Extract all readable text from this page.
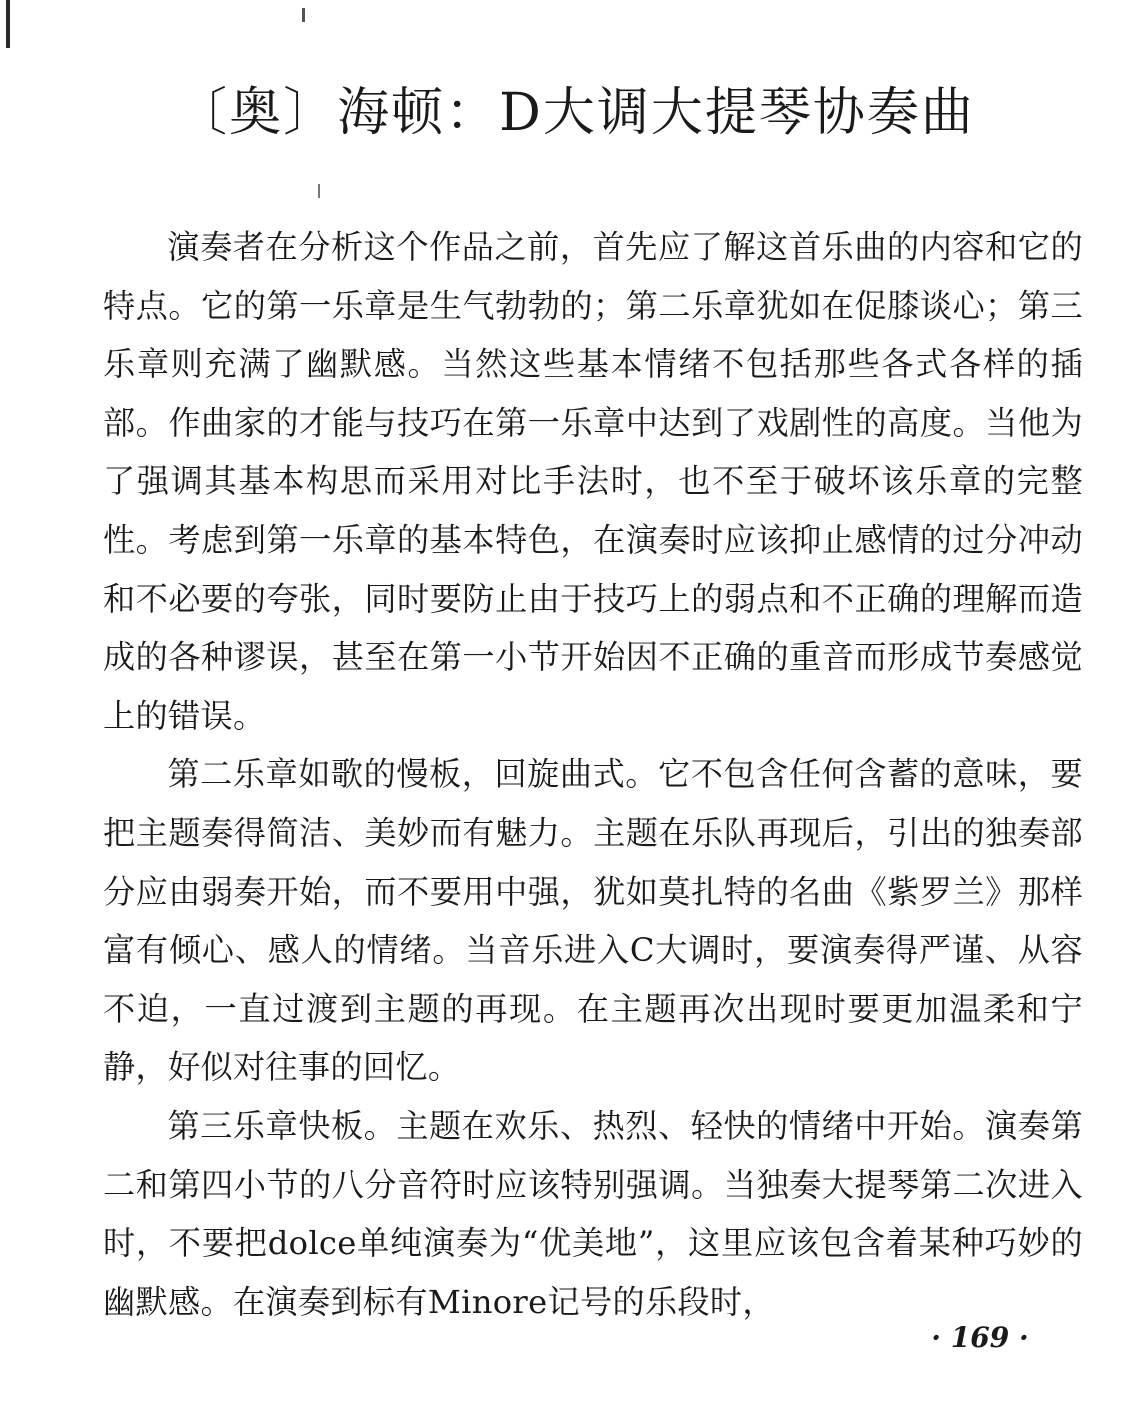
〔奥〕海顿：D大调大提琴协奏曲

演奏者在分析这个作品之前，首先应了解这首乐曲的内容和它的特点。它的第一乐章是生气勃勃的；第二乐章犹如在促膝谈心；第三乐章则充满了幽默感。当然这些基本情绪不包括那些各式各样的插部。作曲家的才能与技巧在第一乐章中达到了戏剧性的高度。当他为了强调其基本构思而采用对比手法时，也不至于破坏该乐章的完整性。考虑到第一乐章的基本特色，在演奏时应该抑止感情的过分冲动和不必要的夸张，同时要防止由于技巧上的弱点和不正确的理解而造成的各种谬误，甚至在第一小节开始因不正确的重音而形成节奏感觉上的错误。

第二乐章如歌的慢板，回旋曲式。它不包含任何含蓄的意味，要把主题奏得简洁、美妙而有魅力。主题在乐队再现后，引出的独奏部分应由弱奏开始，而不要用中强，犹如莫扎特的名曲《紫罗兰》那样富有倾心、感人的情绪。当音乐进入C大调时，要演奏得严谨、从容不迫，一直过渡到主题的再现。在主题再次出现时要更加温柔和宁静，好似对往事的回忆。

第三乐章快板。主题在欢乐、热烈、轻快的情绪中开始。演奏第二和第四小节的八分音符时应该特别强调。当独奏大提琴第二次进入时，不要把dolce单纯演奏为“优美地”，这里应该包含着某种巧妙的幽默感。在演奏到标有Minore记号的乐段时，

· 169 ·
